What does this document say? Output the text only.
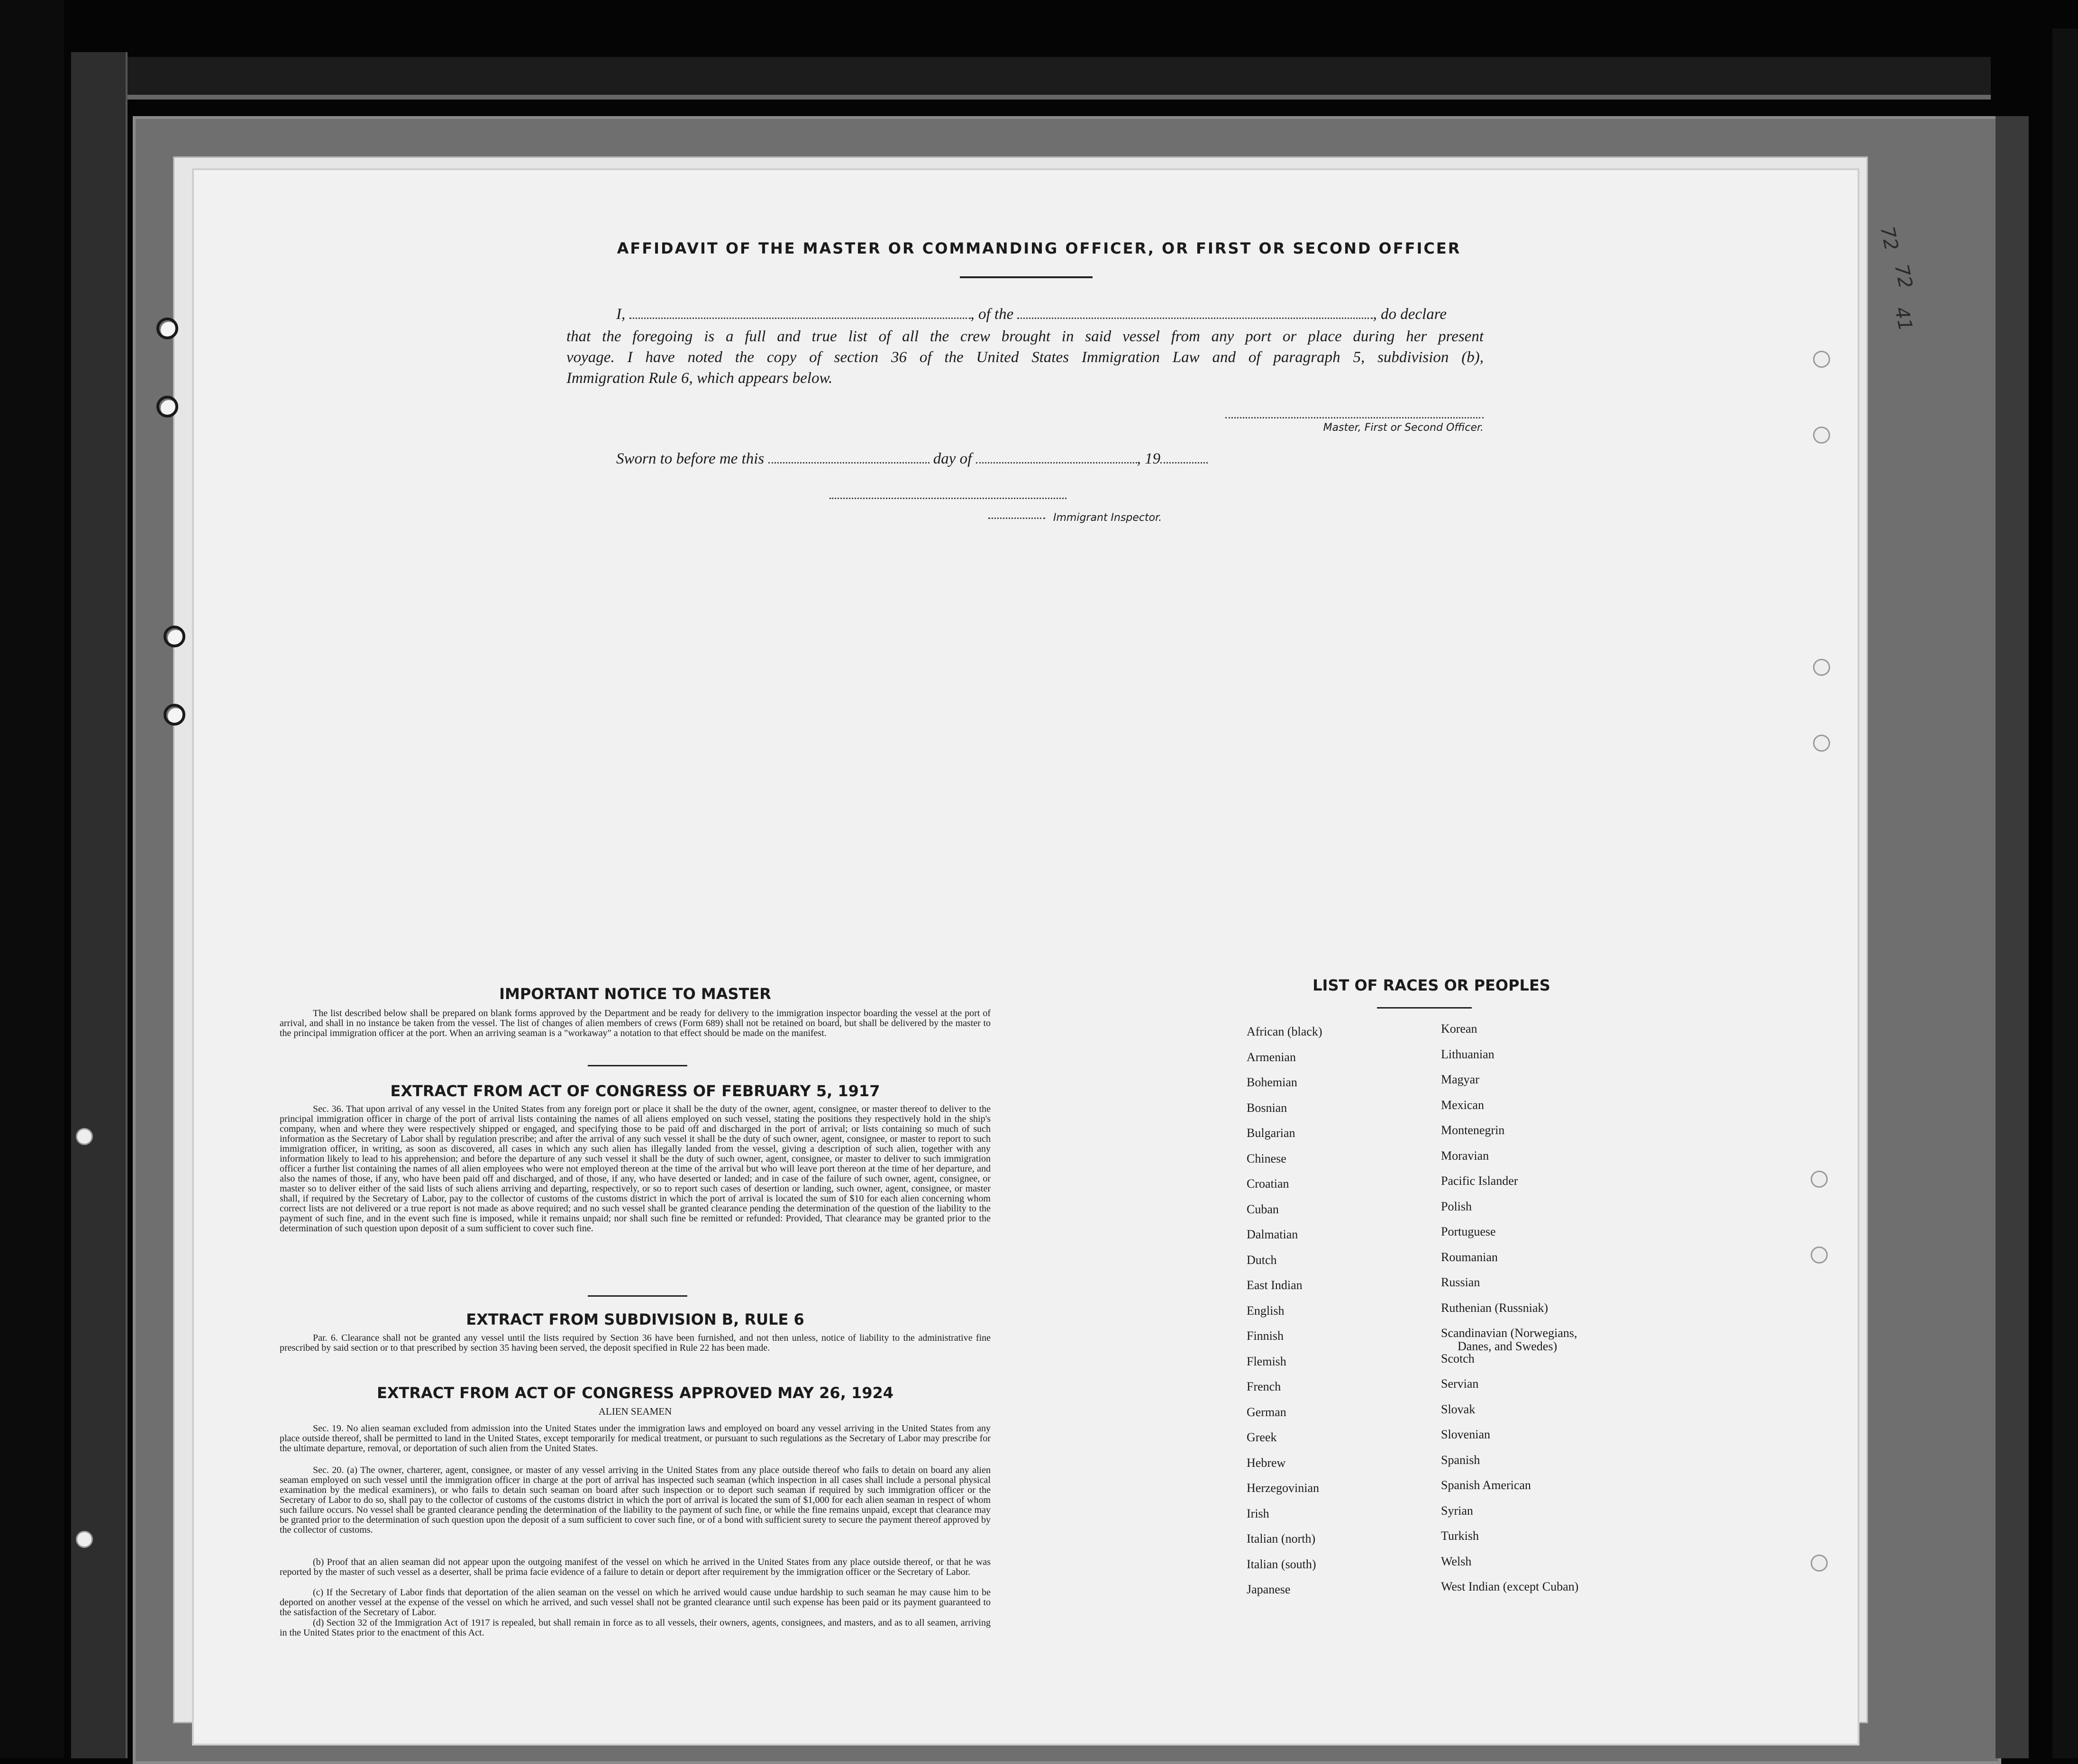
72
72
41
AFFIDAVIT OF THE MASTER OR COMMANDING OFFICER, OR FIRST OR SECOND OFFICER
I,	, of the	, do declare
that the foregoing is a full and true list of all the crew brought in said vessel from any port or place during her present
voyage. I have noted the copy of section 36 of the United States Immigration Law and of paragraph 5, subdivision (b),
Immigration Rule 6, which appears below.
Master, First or Second Officer.
Sworn to before me this	day of	, 19
Immigrant Inspector.
IMPORTANT NOTICE TO MASTER
The list described below shall be prepared on blank forms approved by the Department and be ready for delivery to the immigration inspector boarding the vessel at the port of arrival, and shall in no instance be taken from the vessel. The list of changes of alien members of crews (Form 689) shall not be retained on board, but shall be delivered by the master to the principal immigration officer at the port. When an arriving seaman is a "workaway" a notation to that effect should be made on the manifest.
EXTRACT FROM ACT OF CONGRESS OF FEBRUARY 5, 1917
Sec. 36. That upon arrival of any vessel in the United States from any foreign port or place it shall be the duty of the owner, agent, consignee, or master thereof to deliver to the principal immigration officer in charge of the port of arrival lists containing the names of all aliens employed on such vessel, stating the positions they respectively hold in the ship's company, when and where they were respectively shipped or engaged, and specifying those to be paid off and discharged in the port of arrival; or lists containing so much of such information as the Secretary of Labor shall by regulation prescribe; and after the arrival of any such vessel it shall be the duty of such owner, agent, consignee, or master to report to such immigration officer, in writing, as soon as discovered, all cases in which any such alien has illegally landed from the vessel, giving a description of such alien, together with any information likely to lead to his apprehension; and before the departure of any such vessel it shall be the duty of such owner, agent, consignee, or master to deliver to such immigration officer a further list containing the names of all alien employees who were not employed thereon at the time of the arrival but who will leave port thereon at the time of her departure, and also the names of those, if any, who have been paid off and discharged, and of those, if any, who have deserted or landed; and in case of the failure of such owner, agent, consignee, or master so to deliver either of the said lists of such aliens arriving and departing, respectively, or so to report such cases of desertion or landing, such owner, agent, consignee, or master shall, if required by the Secretary of Labor, pay to the collector of customs of the customs district in which the port of arrival is located the sum of $10 for each alien concerning whom correct lists are not delivered or a true report is not made as above required; and no such vessel shall be granted clearance pending the determination of the question of the liability to the payment of such fine, and in the event such fine is imposed, while it remains unpaid; nor shall such fine be remitted or refunded: Provided, That clearance may be granted prior to the determination of such question upon deposit of a sum sufficient to cover such fine.
EXTRACT FROM SUBDIVISION B, RULE 6
Par. 6. Clearance shall not be granted any vessel until the lists required by Section 36 have been furnished, and not then unless, notice of liability to the administrative fine prescribed by said section or to that prescribed by section 35 having been served, the deposit specified in Rule 22 has been made.
EXTRACT FROM ACT OF CONGRESS APPROVED MAY 26, 1924
ALIEN SEAMEN
Sec. 19. No alien seaman excluded from admission into the United States under the immigration laws and employed on board any vessel arriving in the United States from any place outside thereof, shall be permitted to land in the United States, except temporarily for medical treatment, or pursuant to such regulations as the Secretary of Labor may prescribe for the ultimate departure, removal, or deportation of such alien from the United States.
Sec. 20. (a) The owner, charterer, agent, consignee, or master of any vessel arriving in the United States from any place outside thereof who fails to detain on board any alien seaman employed on such vessel until the immigration officer in charge at the port of arrival has inspected such seaman (which inspection in all cases shall include a personal physical examination by the medical examiners), or who fails to detain such seaman on board after such inspection or to deport such seaman if required by such immigration officer or the Secretary of Labor to do so, shall pay to the collector of customs of the customs district in which the port of arrival is located the sum of $1,000 for each alien seaman in respect of whom such failure occurs. No vessel shall be granted clearance pending the determination of the liability to the payment of such fine, or while the fine remains unpaid, except that clearance may be granted prior to the determination of such question upon the deposit of a sum sufficient to cover such fine, or of a bond with sufficient surety to secure the payment thereof approved by the collector of customs.
(b) Proof that an alien seaman did not appear upon the outgoing manifest of the vessel on which he arrived in the United States from any place outside thereof, or that he was reported by the master of such vessel as a deserter, shall be prima facie evidence of a failure to detain or deport after requirement by the immigration officer or the Secretary of Labor.
(c) If the Secretary of Labor finds that deportation of the alien seaman on the vessel on which he arrived would cause undue hardship to such seaman he may cause him to be deported on another vessel at the expense of the vessel on which he arrived, and such vessel shall not be granted clearance until such expense has been paid or its payment guaranteed to the satisfaction of the Secretary of Labor.
(d) Section 32 of the Immigration Act of 1917 is repealed, but shall remain in force as to all vessels, their owners, agents, consignees, and masters, and as to all seamen, arriving in the United States prior to the enactment of this Act.
LIST OF RACES OR PEOPLES
African (black)
Armenian
Bohemian
Bosnian
Bulgarian
Chinese
Croatian
Cuban
Dalmatian
Dutch
East Indian
English
Finnish
Flemish
French
German
Greek
Hebrew
Herzegovinian
Irish
Italian (north)
Italian (south)
Japanese
Korean
Lithuanian
Magyar
Mexican
Montenegrin
Moravian
Pacific Islander
Polish
Portuguese
Roumanian
Russian
Ruthenian (Russniak)
Scandinavian (Norwegians,
Danes, and Swedes)
Scotch
Servian
Slovak
Slovenian
Spanish
Spanish American
Syrian
Turkish
Welsh
West Indian (except Cuban)
